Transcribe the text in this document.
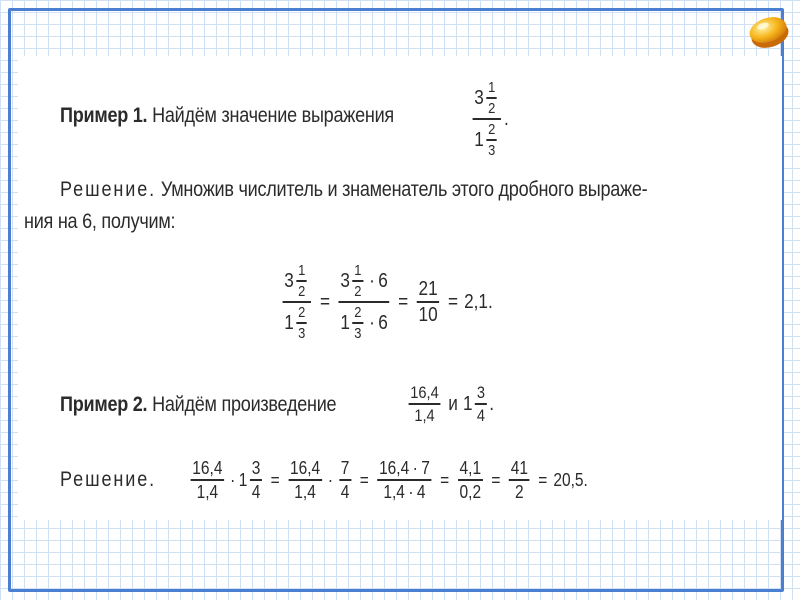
Пример 1. Найдём значение выражения	$\frac{3 \frac{1}{2}}{1 \frac{2}{3}}$ .
Решение. Умножив числитель и знаменатель этого дробного выраже-
ния на 6, получим:
$\frac{3 \frac{1}{2}}{1 \frac{2}{3}} = \frac{3 \frac{1}{2} \cdot 6}{1 \frac{2}{3} \cdot 6} = \frac{21}{10} = 2,1$.
Пример 2. Найдём произведение	$\frac{16,4}{1,4}$ и $1 \frac{3}{4}$ .
Решение. $\frac{16,4}{1,4} \cdot 1 \frac{3}{4} = \frac{16,4}{1,4} \cdot \frac{7}{4} = \frac{16,4 \cdot 7}{1,4 \cdot 4} = \frac{4,1}{0,2} = \frac{41}{2} = 20,5$.
